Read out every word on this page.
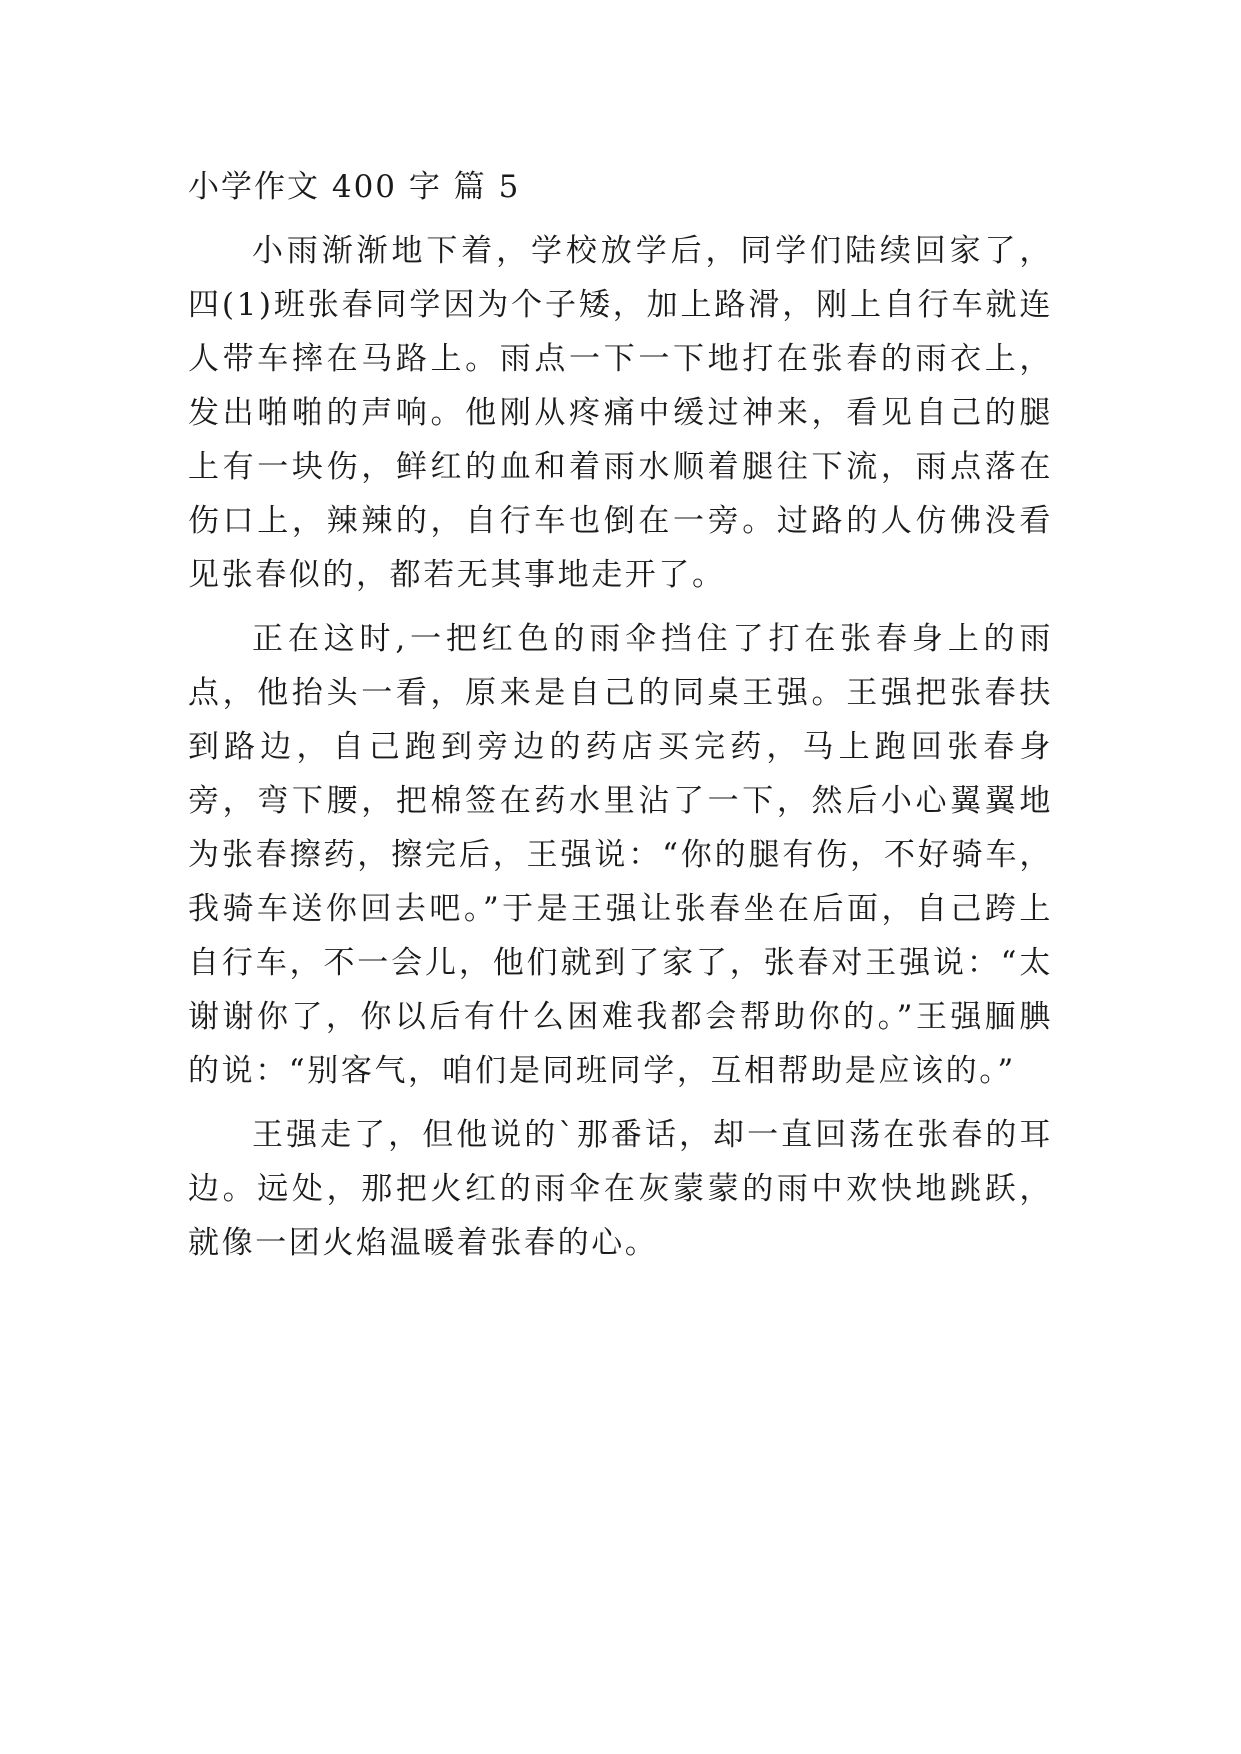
小学作文 400 字 篇 5

小雨渐渐地下着，学校放学后，同学们陆续回家了，四(1)班张春同学因为个子矮，加上路滑，刚上自行车就连人带车摔在马路上。雨点一下一下地打在张春的雨衣上，发出啪啪的声响。他刚从疼痛中缓过神来，看见自己的腿上有一块伤，鲜红的血和着雨水顺着腿往下流，雨点落在伤口上，辣辣的，自行车也倒在一旁。过路的人仿佛没看见张春似的，都若无其事地走开了。

正在这时,一把红色的雨伞挡住了打在张春身上的雨点，他抬头一看，原来是自己的同桌王强。王强把张春扶到路边，自己跑到旁边的药店买完药，马上跑回张春身旁，弯下腰，把棉签在药水里沾了一下，然后小心翼翼地为张春擦药，擦完后，王强说：“你的腿有伤，不好骑车，我骑车送你回去吧。”于是王强让张春坐在后面，自己跨上自行车，不一会儿，他们就到了家了，张春对王强说：“太谢谢你了，你以后有什么困难我都会帮助你的。”王强腼腆的说：“别客气，咱们是同班同学，互相帮助是应该的。”

王强走了，但他说的`那番话，却一直回荡在张春的耳边。远处，那把火红的雨伞在灰蒙蒙的雨中欢快地跳跃，就像一团火焰温暖着张春的心。
